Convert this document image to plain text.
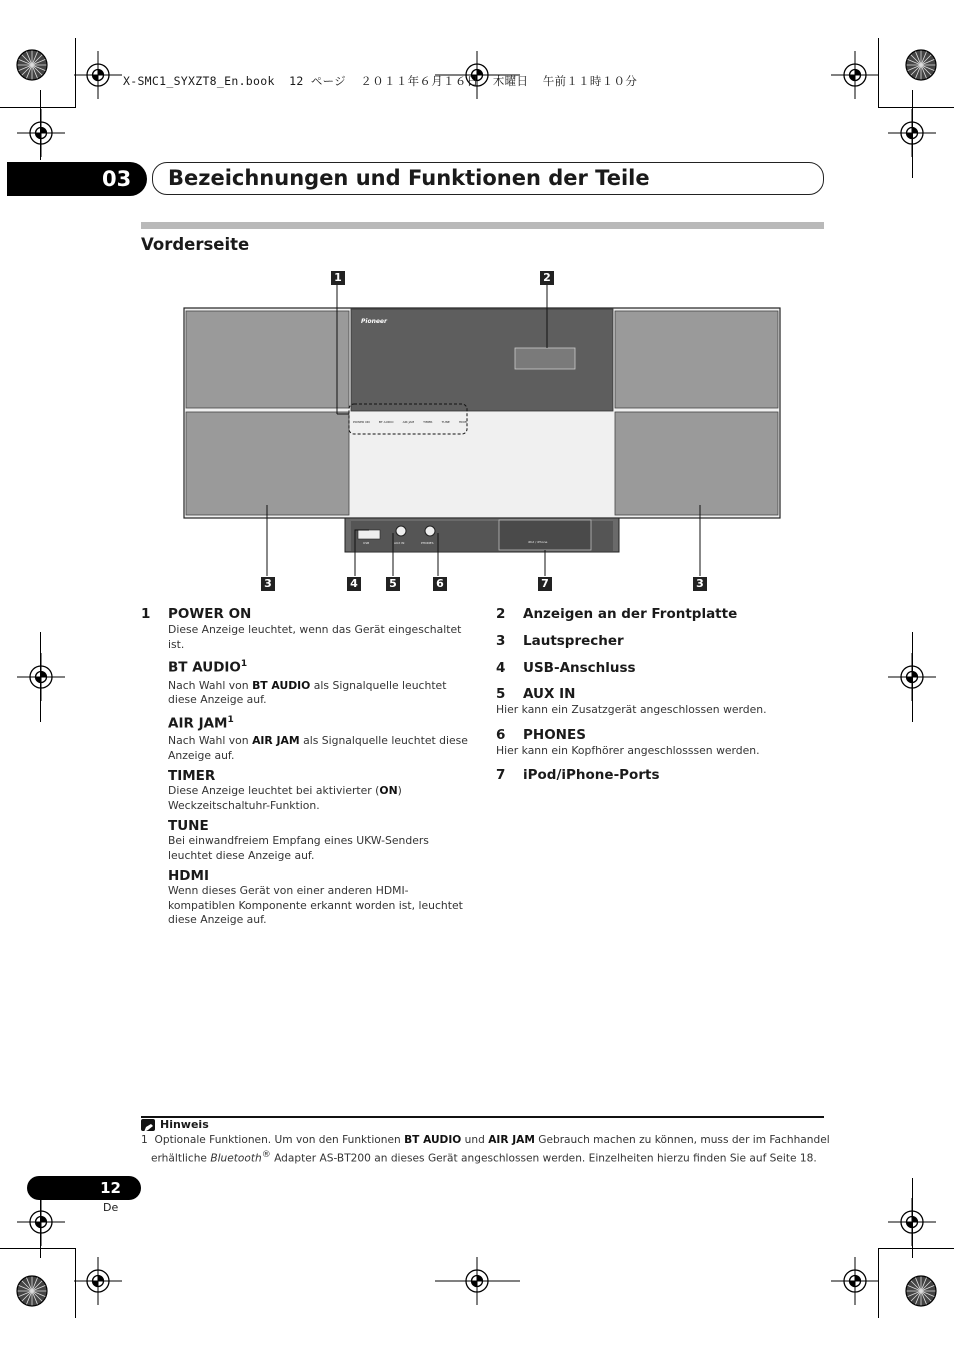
X-SMC1_SYXZT8_En.book  12 ページ  ２０１１年６月１６日  木曜日  午前１１時１０分
03 Bezeichnungen und Funktionen der Teile
Vorderseite
Pioneer
POWER ON	BT AUDIO	AIR JAM	TIMER	TUNE	HDMI
USB	AUX IN	PHONES	iPod / iPhone
1	2
3	4	5	6	7	3
1 POWER ON
Diese Anzeige leuchtet, wenn das Gerät eingeschaltet ist.
BT AUDIO$^1$
Nach Wahl von BT AUDIO als Signalquelle leuchtet diese Anzeige auf.
AIR JAM$^1$
Nach Wahl von AIR JAM als Signalquelle leuchtet diese Anzeige auf.
TIMER
Diese Anzeige leuchtet bei aktivierter (ON) Weckzeitschaltuhr-Funktion.
TUNE
Bei einwandfreiem Empfang eines UKW-Senders leuchtet diese Anzeige auf.
HDMI
Wenn dieses Gerät von einer anderen HDMI-kompatiblen Komponente erkannt worden ist, leuchtet diese Anzeige auf.
2 Anzeigen an der Frontplatte
3 Lautsprecher
4 USB-Anschluss
5 AUX IN
Hier kann ein Zusatzgerät angeschlossen werden.
6 PHONES
Hier kann ein Kopfhörer angeschlosssen werden.
7 iPod/iPhone-Ports
Hinweis
1 Optionale Funktionen. Um von den Funktionen BT AUDIO und AIR JAM Gebrauch machen zu können, muss der im Fachhandel
erhältliche Bluetooth® Adapter AS-BT200 an dieses Gerät angeschlossen werden. Einzelheiten hierzu finden Sie auf Seite 18.
12
De
